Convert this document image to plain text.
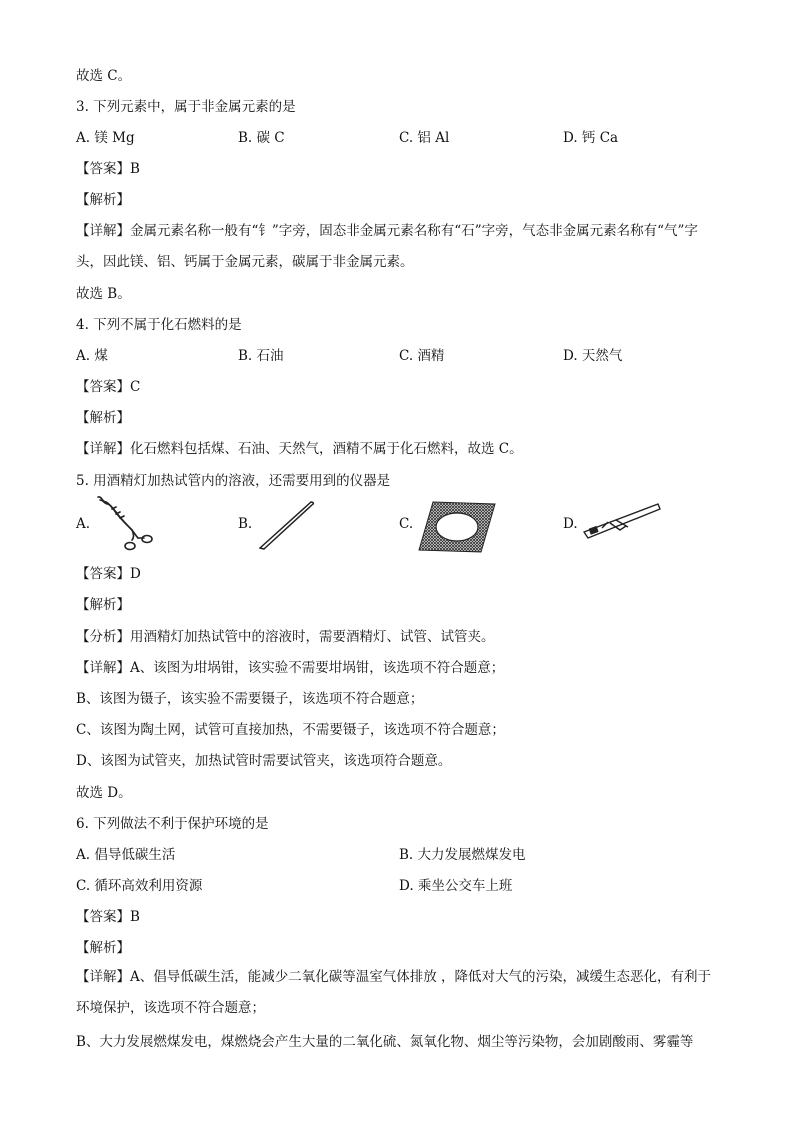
故选 C。
3. 下列元素中，属于非金属元素的是
A. 镁 Mg	B. 碳 C	C. 铝 Al	D. 钙 Ca
【答案】B
【解析】
【详解】金属元素名称一般有“钅”字旁，固态非金属元素名称有“石”字旁，气态非金属元素名称有“气”字
头，因此镁、铝、钙属于金属元素，碳属于非金属元素。
故选 B。
4. 下列不属于化石燃料的是
A. 煤	B. 石油	C. 酒精	D. 天然气
【答案】C
【解析】
【详解】化石燃料包括煤、石油、天然气，酒精不属于化石燃料，故选 C。
5. 用酒精灯加热试管内的溶液，还需要用到的仪器是
A.	B.	C.	D.
【答案】D
【解析】
【分析】用酒精灯加热试管中的溶液时，需要酒精灯、试管、试管夹。
【详解】A、该图为坩埚钳，该实验不需要坩埚钳，该选项不符合题意；
B、该图为镊子，该实验不需要镊子，该选项不符合题意；
C、该图为陶土网，试管可直接加热，不需要镊子，该选项不符合题意；
D、该图为试管夹，加热试管时需要试管夹，该选项符合题意。
故选 D。
6. 下列做法不利于保护环境的是
A. 倡导低碳生活	B. 大力发展燃煤发电
C. 循环高效利用资源	D. 乘坐公交车上班
【答案】B
【解析】
【详解】A、倡导低碳生活，能减少二氧化碳等温室气体排放 ，降低对大气的污染，减缓生态恶化，有利于环境保护，该选项不符合题意；
B、大力发展燃煤发电，煤燃烧会产生大量的二氧化硫、氮氧化物、烟尘等污染物，会加剧酸雨、雾霾等
